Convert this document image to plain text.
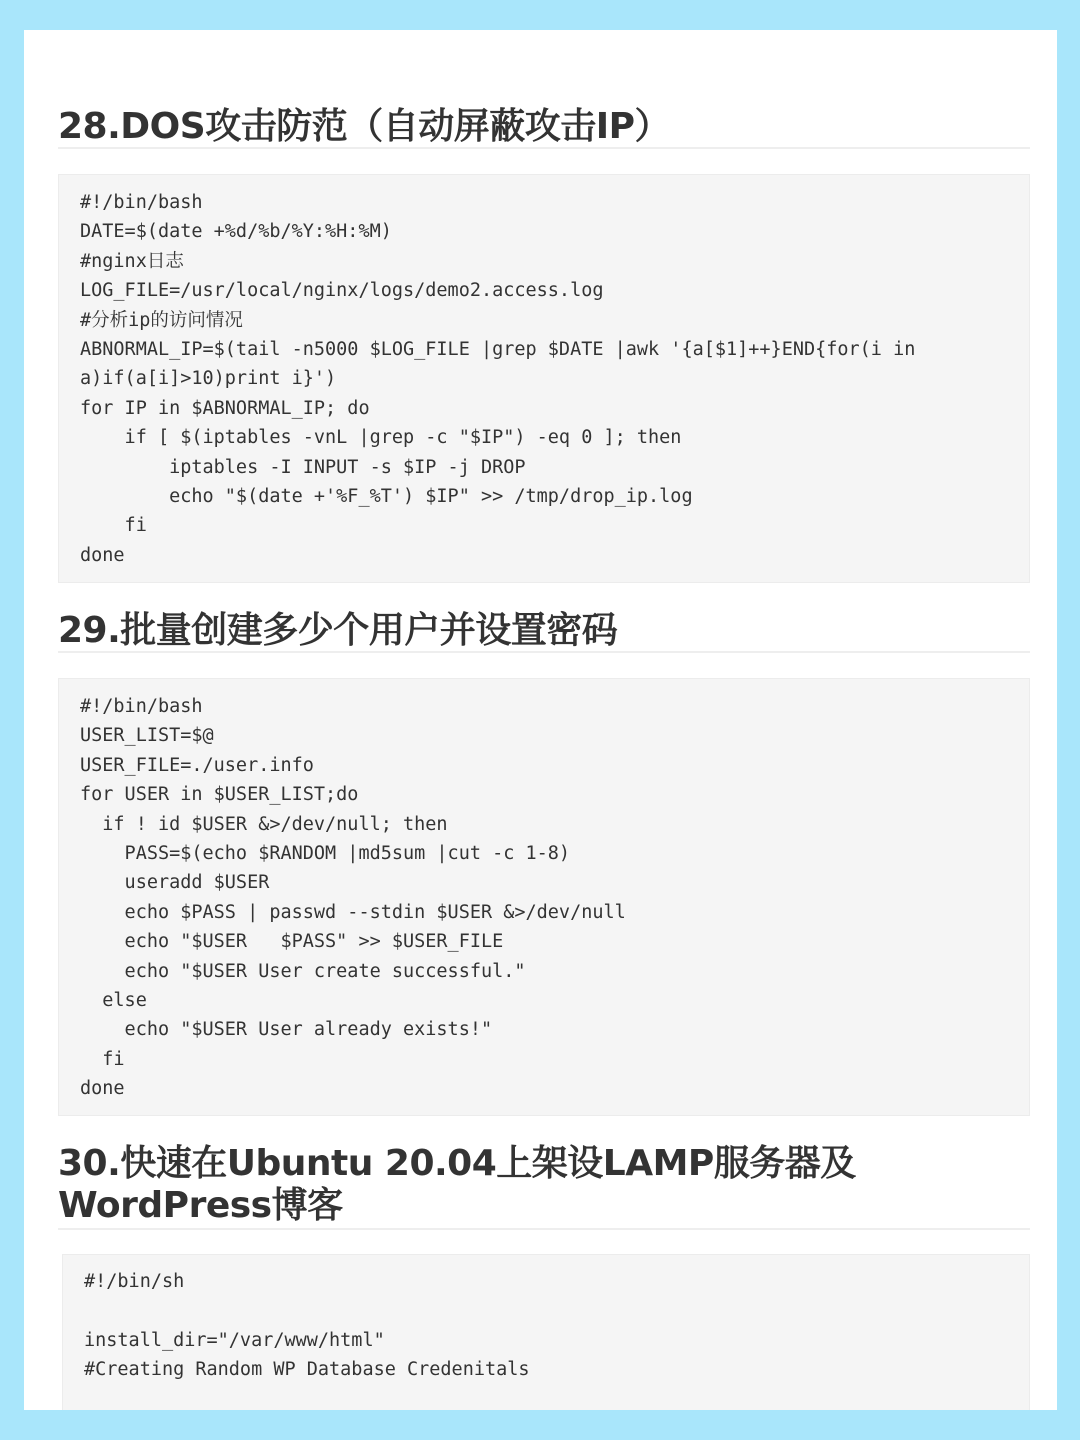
28.DOS攻击防范（自动屏蔽攻击IP）
#!/bin/bash
DATE=$(date +%d/%b/%Y:%H:%M)
#nginx日志
LOG_FILE=/usr/local/nginx/logs/demo2.access.log
#分析ip的访问情况
ABNORMAL_IP=$(tail -n5000 $LOG_FILE |grep $DATE |awk '{a[$1]++}END{for(i in
a)if(a[i]>10)print i}')
for IP in $ABNORMAL_IP; do
if [ $(iptables -vnL |grep -c "$IP") -eq 0 ]; then
iptables -I INPUT -s $IP -j DROP
echo "$(date +'%F_%T') $IP" >> /tmp/drop_ip.log
fi
done
29.批量创建多少个用户并设置密码
#!/bin/bash
USER_LIST=$@
USER_FILE=./user.info
for USER in $USER_LIST;do
if ! id $USER &>/dev/null; then
PASS=$(echo $RANDOM |md5sum |cut -c 1-8)
useradd $USER
echo $PASS | passwd --stdin $USER &>/dev/null
echo "$USER   $PASS" >> $USER_FILE
echo "$USER User create successful."
else
echo "$USER User already exists!"
fi
done
30.快速在Ubuntu 20.04上架设LAMP服务器及
WordPress博客
#!/bin/sh

install_dir="/var/www/html"
#Creating Random WP Database Credenitals
